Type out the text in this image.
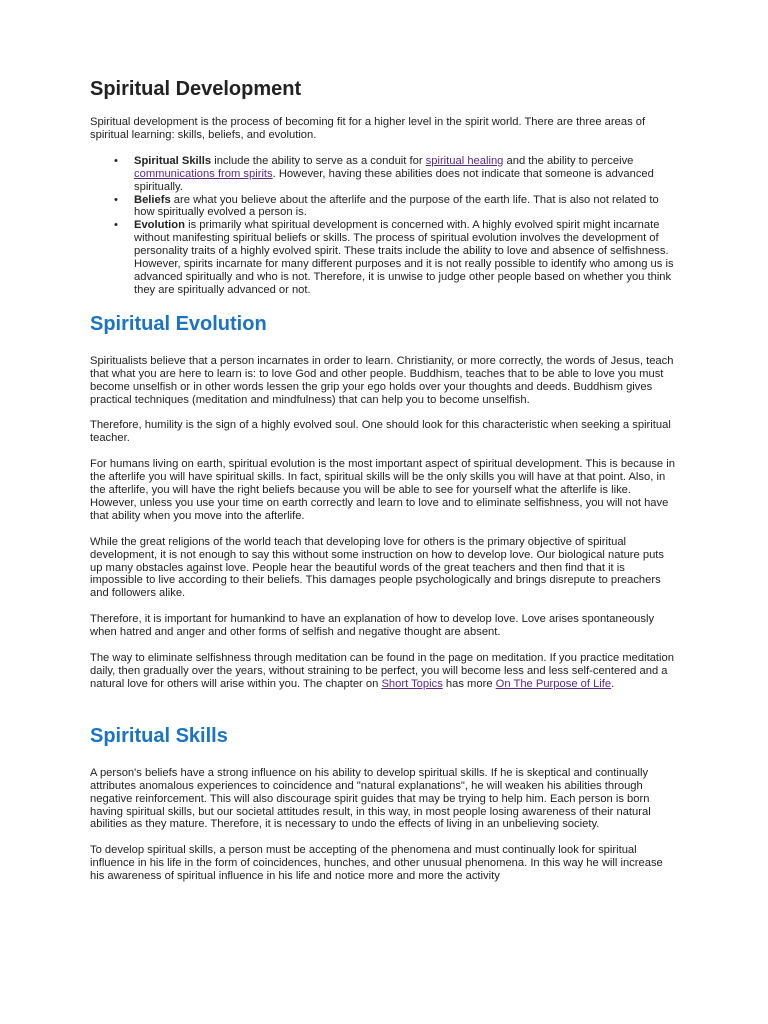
Spiritual Development

Spiritual development is the process of becoming fit for a higher level in the spirit world. There are three areas of spiritual learning: skills, beliefs, and evolution.

• Spiritual Skills include the ability to serve as a conduit for spiritual healing and the ability to perceive communications from spirits. However, having these abilities does not indicate that someone is advanced spiritually.
• Beliefs are what you believe about the afterlife and the purpose of the earth life. That is also not related to how spiritually evolved a person is.
• Evolution is primarily what spiritual development is concerned with. A highly evolved spirit might incarnate without manifesting spiritual beliefs or skills. The process of spiritual evolution involves the development of personality traits of a highly evolved spirit. These traits include the ability to love and absence of selfishness. However, spirits incarnate for many different purposes and it is not really possible to identify who among us is advanced spiritually and who is not. Therefore, it is unwise to judge other people based on whether you think they are spiritually advanced or not.
Spiritual Evolution

Spiritualists believe that a person incarnates in order to learn. Christianity, or more correctly, the words of Jesus, teach that what you are here to learn is: to love God and other people. Buddhism, teaches that to be able to love you must become unselfish or in other words lessen the grip your ego holds over your thoughts and deeds. Buddhism gives practical techniques (meditation and mindfulness) that can help you to become unselfish.

Therefore, humility is the sign of a highly evolved soul. One should look for this characteristic when seeking a spiritual teacher.

For humans living on earth, spiritual evolution is the most important aspect of spiritual development. This is because in the afterlife you will have spiritual skills. In fact, spiritual skills will be the only skills you will have at that point. Also, in the afterlife, you will have the right beliefs because you will be able to see for yourself what the afterlife is like. However, unless you use your time on earth correctly and learn to love and to eliminate selfishness, you will not have that ability when you move into the afterlife.

While the great religions of the world teach that developing love for others is the primary objective of spiritual development, it is not enough to say this without some instruction on how to develop love. Our biological nature puts up many obstacles against love. People hear the beautiful words of the great teachers and then find that it is impossible to live according to their beliefs. This damages people psychologically and brings disrepute to preachers and followers alike.

Therefore, it is important for humankind to have an explanation of how to develop love. Love arises spontaneously when hatred and anger and other forms of selfish and negative thought are absent.

The way to eliminate selfishness through meditation can be found in the page on meditation. If you practice meditation daily, then gradually over the years, without straining to be perfect, you will become less and less self-centered and a natural love for others will arise within you. The chapter on Short Topics has more On The Purpose of Life.

Spiritual Skills

A person's beliefs have a strong influence on his ability to develop spiritual skills. If he is skeptical and continually attributes anomalous experiences to coincidence and "natural explanations", he will weaken his abilities through negative reinforcement. This will also discourage spirit guides that may be trying to help him. Each person is born having spiritual skills, but our societal attitudes result, in this way, in most people losing awareness of their natural abilities as they mature. Therefore, it is necessary to undo the effects of living in an unbelieving society.

To develop spiritual skills, a person must be accepting of the phenomena and must continually look for spiritual influence in his life in the form of coincidences, hunches, and other unusual phenomena. In this way he will increase his awareness of spiritual influence in his life and notice more and more the activity
